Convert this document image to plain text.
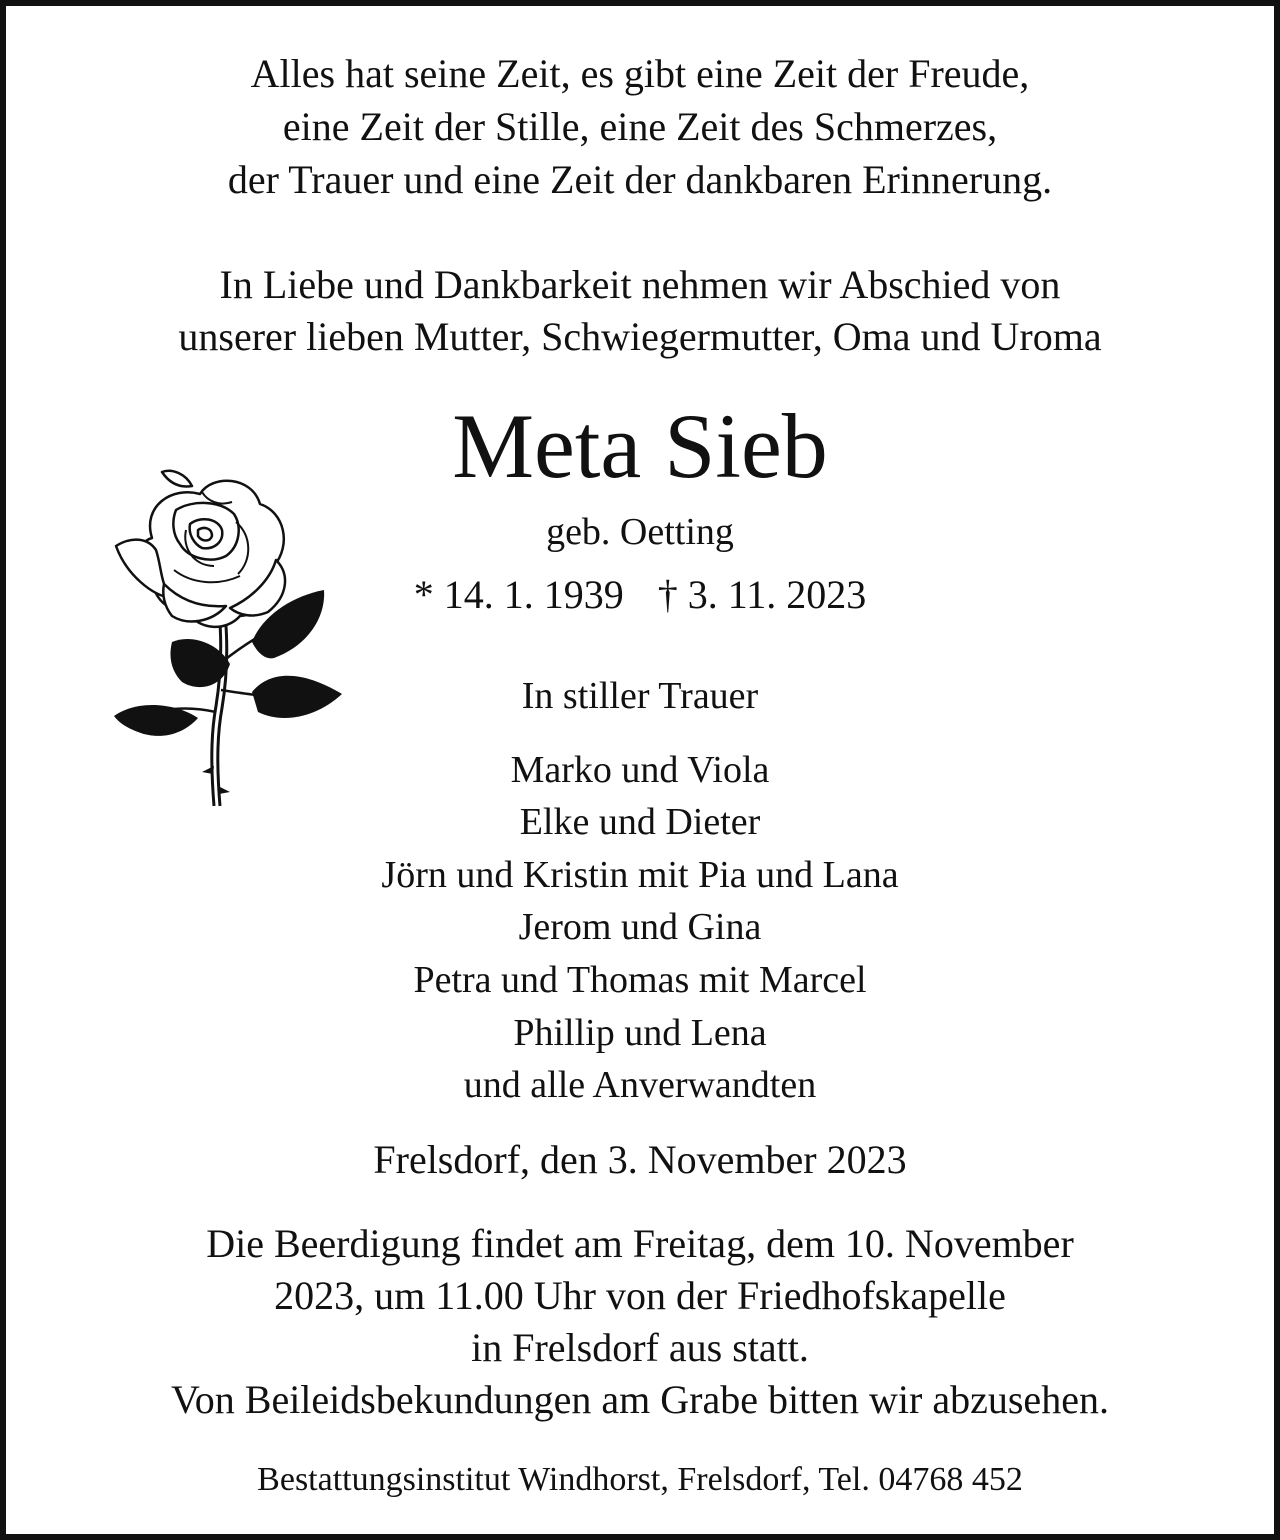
Alles hat seine Zeit, es gibt eine Zeit der Freude,
eine Zeit der Stille, eine Zeit des Schmerzes,
der Trauer und eine Zeit der dankbaren Erinnerung.
In Liebe und Dankbarkeit nehmen wir Abschied von
unserer lieben Mutter, Schwiegermutter, Oma und Uroma
Meta Sieb
geb. Oetting
* 14. 1. 1939 † 3. 11. 2023
In stiller Trauer
Marko und Viola
Elke und Dieter
Jörn und Kristin mit Pia und Lana
Jerom und Gina
Petra und Thomas mit Marcel
Phillip und Lena
und alle Anverwandten
Frelsdorf, den 3. November 2023
Die Beerdigung findet am Freitag, dem 10. November
2023, um 11.00 Uhr von der Friedhofskapelle
in Frelsdorf aus statt.
Von Beileidsbekundungen am Grabe bitten wir abzusehen.
Bestattungsinstitut Windhorst, Frelsdorf, Tel. 04768 452
